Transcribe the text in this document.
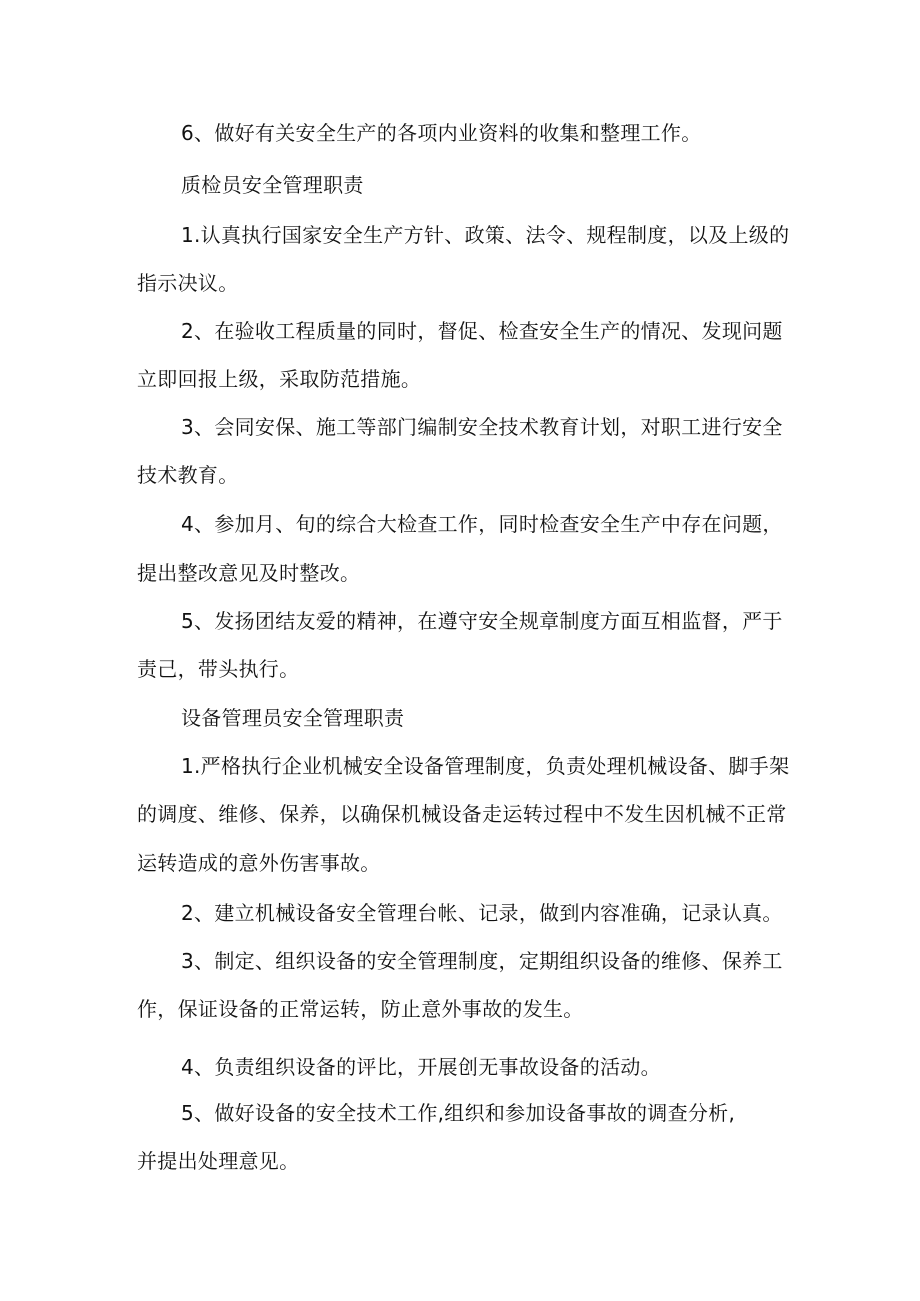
6、做好有关安全生产的各项内业资料的收集和整理工作。
质检员安全管理职责
1.认真执行国家安全生产方针、政策、法令、规程制度，以及上级的
指示决议。
2、在验收工程质量的同时，督促、检查安全生产的情况、发现问题
立即回报上级，采取防范措施。
3、会同安保、施工等部门编制安全技术教育计划，对职工进行安全
技术教育。
4、参加月、旬的综合大检查工作，同时检查安全生产中存在问题，
提出整改意见及时整改。
5、发扬团结友爱的精神，在遵守安全规章制度方面互相监督，严于
责己，带头执行。
设备管理员安全管理职责
1.严格执行企业机械安全设备管理制度，负责处理机械设备、脚手架
的调度、维修、保养，以确保机械设备走运转过程中不发生因机械不正常
运转造成的意外伤害事故。
2、建立机械设备安全管理台帐、记录，做到内容准确，记录认真。
3、制定、组织设备的安全管理制度，定期组织设备的维修、保养工
作，保证设备的正常运转，防止意外事故的发生。
4、负责组织设备的评比，开展创无事故设备的活动。
5、做好设备的安全技术工作,组织和参加设备事故的调查分析,
并提出处理意见。
